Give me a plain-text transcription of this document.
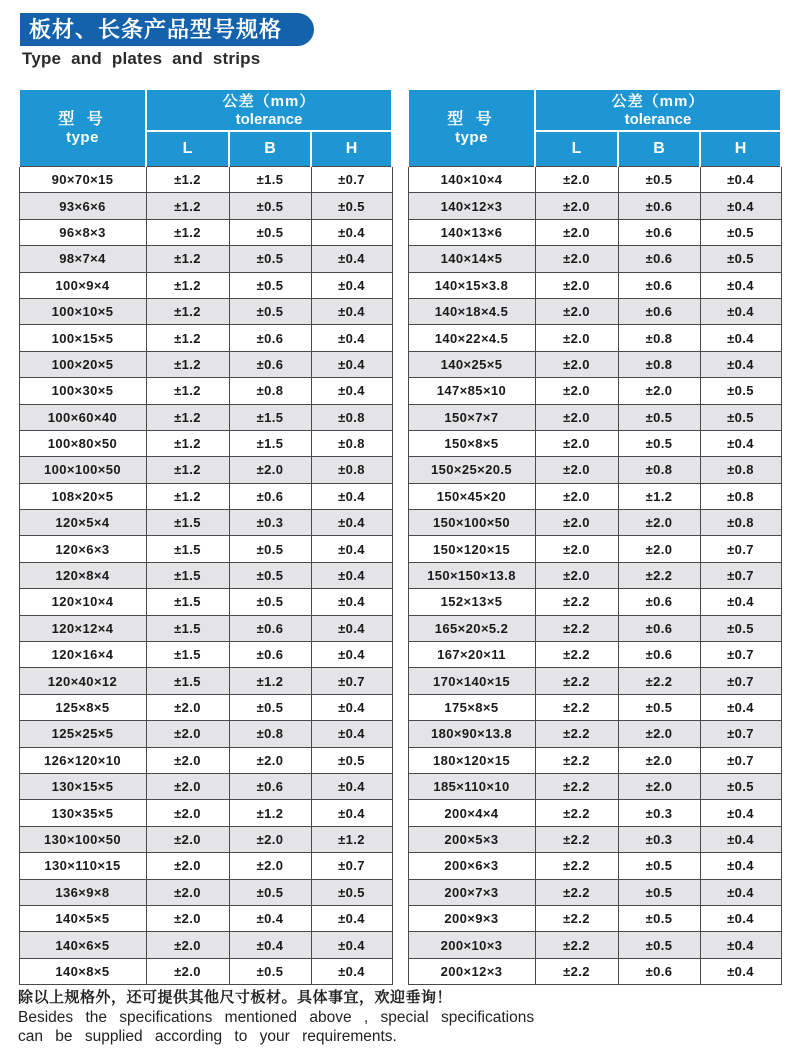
板材、长条产品型号规格
Type and plates and strips
型 号
type

公差（mm）
tolerance

	L	B	H
90×70×15	±1.2	±1.5	±0.7
93×6×6	±1.2	±0.5	±0.5
96×8×3	±1.2	±0.5	±0.4
98×7×4	±1.2	±0.5	±0.4
100×9×4	±1.2	±0.5	±0.4
100×10×5	±1.2	±0.5	±0.4
100×15×5	±1.2	±0.6	±0.4
100×20×5	±1.2	±0.6	±0.4
100×30×5	±1.2	±0.8	±0.4
100×60×40	±1.2	±1.5	±0.8
100×80×50	±1.2	±1.5	±0.8
100×100×50	±1.2	±2.0	±0.8
108×20×5	±1.2	±0.6	±0.4
120×5×4	±1.5	±0.3	±0.4
120×6×3	±1.5	±0.5	±0.4
120×8×4	±1.5	±0.5	±0.4
120×10×4	±1.5	±0.5	±0.4
120×12×4	±1.5	±0.6	±0.4
120×16×4	±1.5	±0.6	±0.4
120×40×12	±1.5	±1.2	±0.7
125×8×5	±2.0	±0.5	±0.4
125×25×5	±2.0	±0.8	±0.4
126×120×10	±2.0	±2.0	±0.5
130×15×5	±2.0	±0.6	±0.4
130×35×5	±2.0	±1.2	±0.4
130×100×50	±2.0	±2.0	±1.2
130×110×15	±2.0	±2.0	±0.7
136×9×8	±2.0	±0.5	±0.5
140×5×5	±2.0	±0.4	±0.4
140×6×5	±2.0	±0.4	±0.4
140×8×5	±2.0	±0.5	±0.4
型 号
type

公差（mm）
tolerance

	L	B	H
140×10×4	±2.0	±0.5	±0.4
140×12×3	±2.0	±0.6	±0.4
140×13×6	±2.0	±0.6	±0.5
140×14×5	±2.0	±0.6	±0.5
140×15×3.8	±2.0	±0.6	±0.4
140×18×4.5	±2.0	±0.6	±0.4
140×22×4.5	±2.0	±0.8	±0.4
140×25×5	±2.0	±0.8	±0.4
147×85×10	±2.0	±2.0	±0.5
150×7×7	±2.0	±0.5	±0.5
150×8×5	±2.0	±0.5	±0.4
150×25×20.5	±2.0	±0.8	±0.8
150×45×20	±2.0	±1.2	±0.8
150×100×50	±2.0	±2.0	±0.8
150×120×15	±2.0	±2.0	±0.7
150×150×13.8	±2.0	±2.2	±0.7
152×13×5	±2.2	±0.6	±0.4
165×20×5.2	±2.2	±0.6	±0.5
167×20×11	±2.2	±0.6	±0.7
170×140×15	±2.2	±2.2	±0.7
175×8×5	±2.2	±0.5	±0.4
180×90×13.8	±2.2	±2.0	±0.7
180×120×15	±2.2	±2.0	±0.7
185×110×10	±2.2	±2.0	±0.5
200×4×4	±2.2	±0.3	±0.4
200×5×3	±2.2	±0.3	±0.4
200×6×3	±2.2	±0.5	±0.4
200×7×3	±2.2	±0.5	±0.4
200×9×3	±2.2	±0.5	±0.4
200×10×3	±2.2	±0.5	±0.4
200×12×3	±2.2	±0.6	±0.4
除以上规格外，还可提供其他尺寸板材。具体事宜，欢迎垂询！
Besides the specifications mentioned above , special specifications
can be supplied according to your requirements.
